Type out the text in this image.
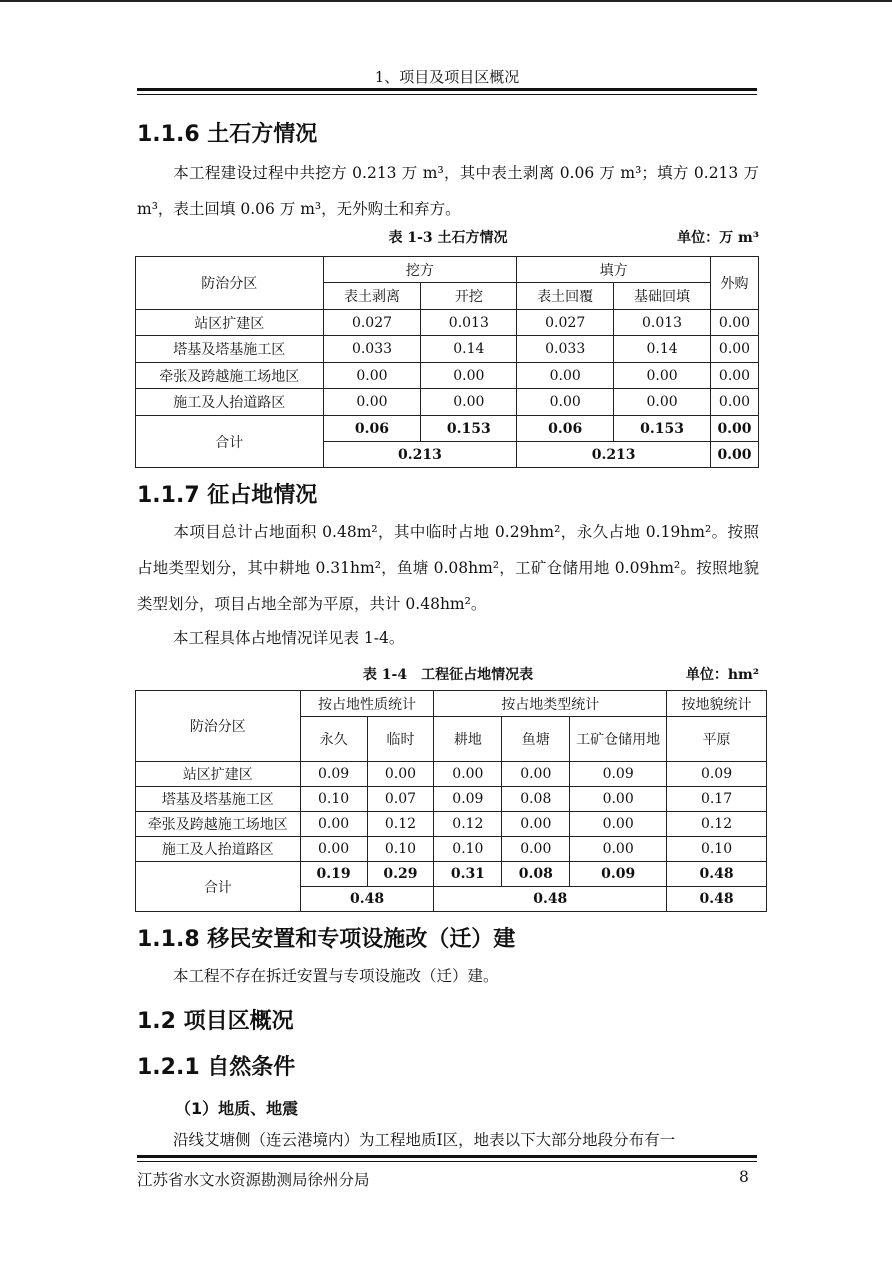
1、项目及项目区概况
1.1.6 土石方情况
本工程建设过程中共挖方 0.213 万 m³，其中表土剥离 0.06 万 m³；填方 0.213 万 m³，表土回填 0.06 万 m³，无外购土和弃方。
表 1-3 土石方情况	单位：万 m³
防治分区	挖方		填方		外购
	表土剥离	开挖	表土回覆	基础回填	
站区扩建区	0.027	0.013	0.027	0.013	0.00
塔基及塔基施工区	0.033	0.14	0.033	0.14	0.00
牵张及跨越施工场地区	0.00	0.00	0.00	0.00	0.00
施工及人抬道路区	0.00	0.00	0.00	0.00	0.00
合计	0.06	0.153	0.06	0.153	0.00
	0.213		0.213		0.00
1.1.7 征占地情况
本项目总计占地面积 0.48m²，其中临时占地 0.29hm²，永久占地 0.19hm²。按照占地类型划分，其中耕地 0.31hm²，鱼塘 0.08hm²，工矿仓储用地 0.09hm²。按照地貌类型划分，项目占地全部为平原，共计 0.48hm²。
本工程具体占地情况详见表 1-4。
表 1-4　工程征占地情况表	单位：hm²
防治分区	按占地性质统计		按占地类型统计			按地貌统计
	永久	临时	耕地	鱼塘	工矿仓储用地	平原
站区扩建区	0.09	0.00	0.00	0.00	0.09	0.09
塔基及塔基施工区	0.10	0.07	0.09	0.08	0.00	0.17
牵张及跨越施工场地区	0.00	0.12	0.12	0.00	0.00	0.12
施工及人抬道路区	0.00	0.10	0.10	0.00	0.00	0.10
合计	0.19	0.29	0.31	0.08	0.09	0.48
	0.48		0.48			0.48
1.1.8 移民安置和专项设施改（迁）建
本工程不存在拆迁安置与专项设施改（迁）建。
1.2 项目区概况
1.2.1 自然条件
（1）地质、地震
沿线艾塘侧（连云港境内）为工程地质Ⅰ区，地表以下大部分地段分布有一
江苏省水文水资源勘测局徐州分局	8
